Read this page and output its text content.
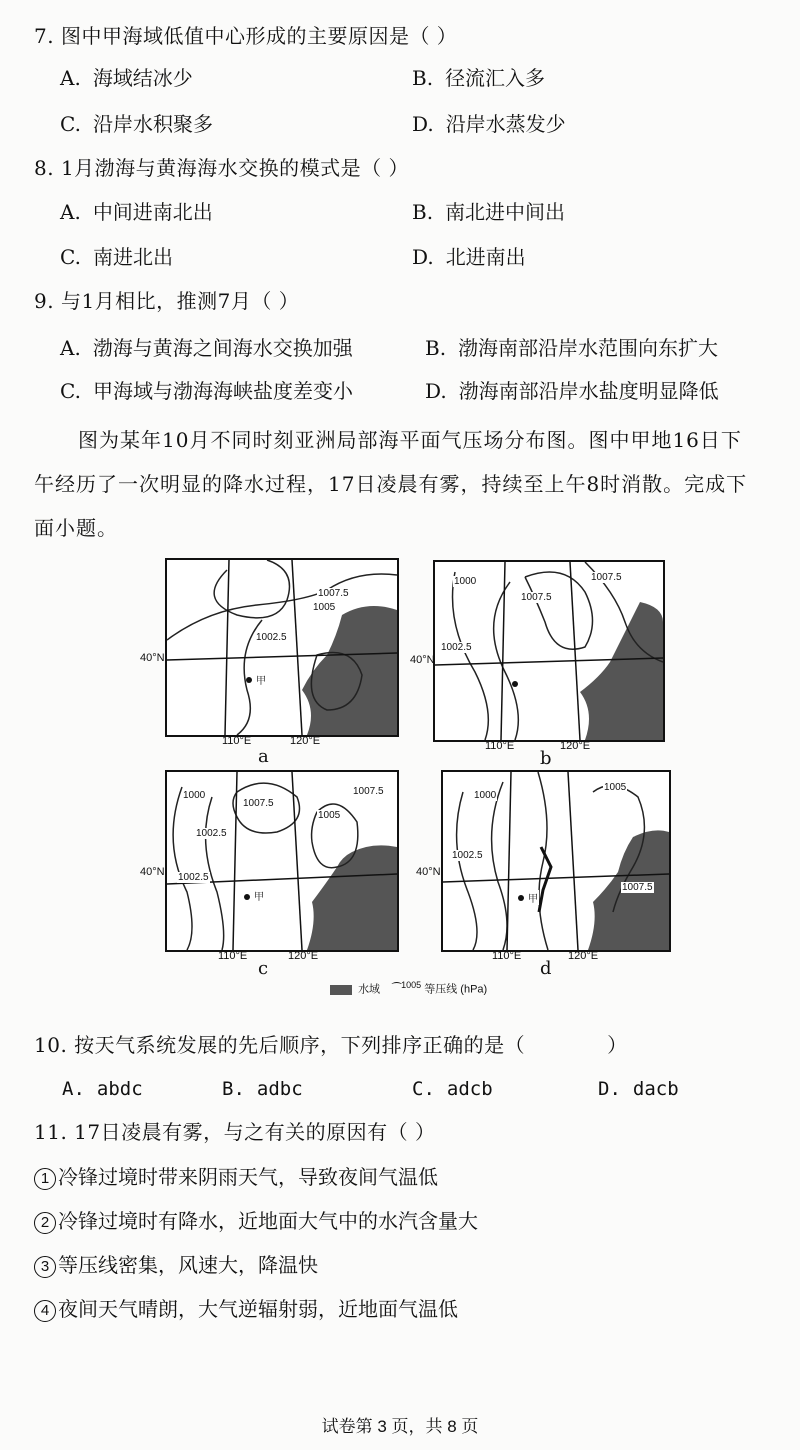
7. 图中甲海域低值中心形成的主要原因是（ ）
A. 海域结冰少	B. 径流汇入多
C. 沿岸水积聚多	D. 沿岸水蒸发少
8. 1月渤海与黄海海水交换的模式是（ ）
A. 中间进南北出	B. 南北进中间出
C. 南进北出	D. 北进南出
9. 与1月相比，推测7月（ ）
A. 渤海与黄海之间海水交换加强	B. 渤海南部沿岸水范围向东扩大
C. 甲海域与渤海海峡盐度差变小	D. 渤海南部沿岸水盐度明显降低
图为某年10月不同时刻亚洲局部海平面气压场分布图。图中甲地16日下
午经历了一次明显的降水过程，17日凌晨有雾，持续至上午8时消散。完成下
面小题。
1007.5
1005
1002.5
甲
40°N
110°E	120°E
a
1000
1007.5
1007.5
1002.5
40°N
110°E	120°E
b
1000
1007.5
1005
1007.5
1002.5
1002.5
甲
40°N
110°E	120°E
c
1000
1005
1002.5
1007.5
甲
40°N
110°E	120°E
d
水域 ⁀$^{1005}$ 等压线 (hPa)
10. 按天气系统发展的先后顺序，下列排序正确的是（　　　　）
A. abdc	B. adbc	C. adcb	D. dacb
11. 17日凌晨有雾，与之有关的原因有（ ）
1 冷锋过境时带来阴雨天气，导致夜间气温低
2 冷锋过境时有降水，近地面大气中的水汽含量大
3 等压线密集，风速大，降温快
4 夜间天气晴朗，大气逆辐射弱，近地面气温低
试卷第 3 页，共 8 页
